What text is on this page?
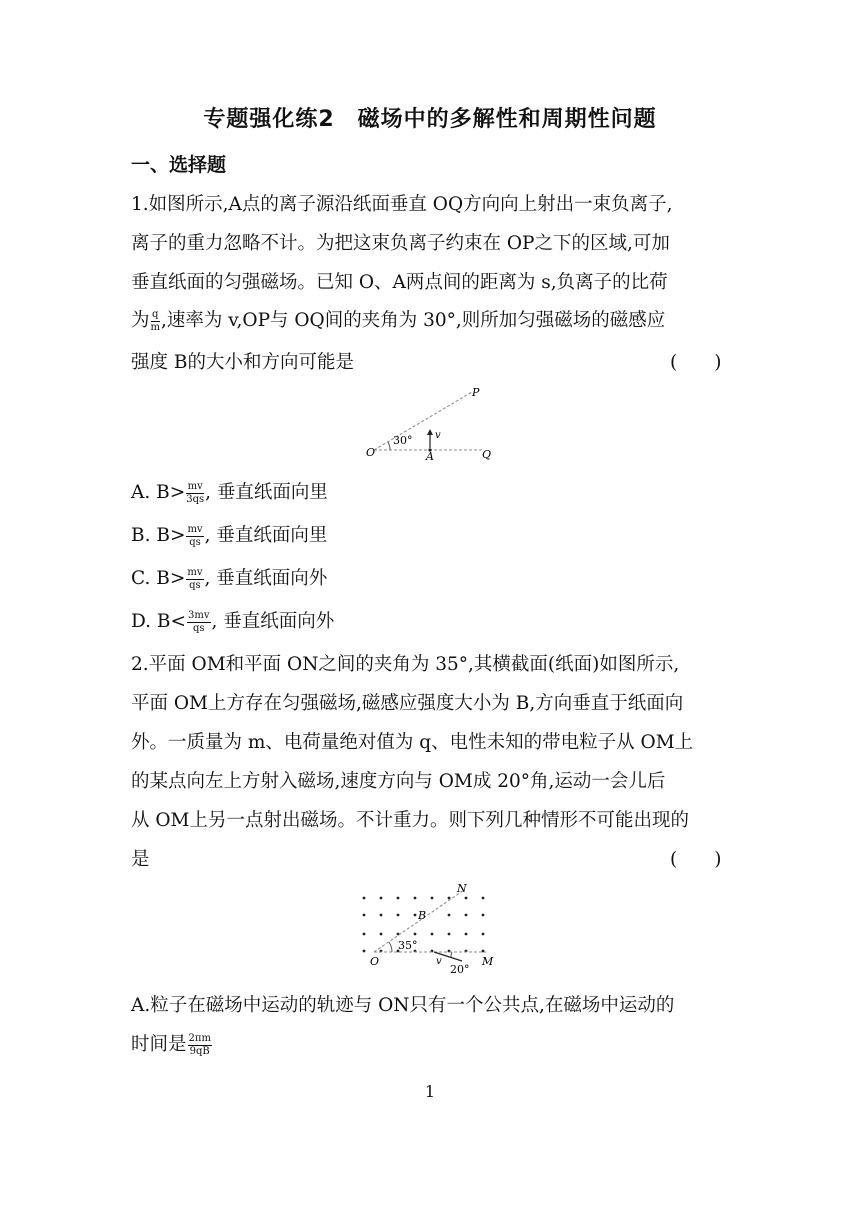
专题强化练2　磁场中的多解性和周期性问题
一、选择题
1.如图所示,A点的离子源沿纸面垂直 OQ方向向上射出一束负离子,
离子的重力忽略不计。为把这束负离子约束在 OP之下的区域,可加
垂直纸面的匀强磁场。已知 O、A两点间的距离为 s,负离子的比荷
为 $\frac{q}{m}$ ,速率为 v,OP与 OQ间的夹角为 30°,则所加匀强磁场的磁感应
强度 B的大小和方向可能是	(　　)
P
O	A	Q
v
30°
A. $B> \frac{mv}{3qs}$ , 垂直纸面向里
B. $B> \frac{mv}{qs}$ , 垂直纸面向里
C. $B> \frac{mv}{qs}$ , 垂直纸面向外
D. $B< \frac{3mv}{qs}$ , 垂直纸面向外
2.平面 OM和平面 ON之间的夹角为 35°,其横截面(纸面)如图所示,
平面 OM上方存在匀强磁场,磁感应强度大小为 B,方向垂直于纸面向
外。一质量为 m、电荷量绝对值为 q、电性未知的带电粒子从 OM上
的某点向左上方射入磁场,速度方向与 OM成 20°角,运动一会儿后
从 OM上另一点射出磁场。不计重力。则下列几种情形不可能出现的
是	(　　)
N
B
O	M
v
35°
20°
A.粒子在磁场中运动的轨迹与 ON只有一个公共点,在磁场中运动的
时间是 $\frac{2\pi m}{9qB}$
1
